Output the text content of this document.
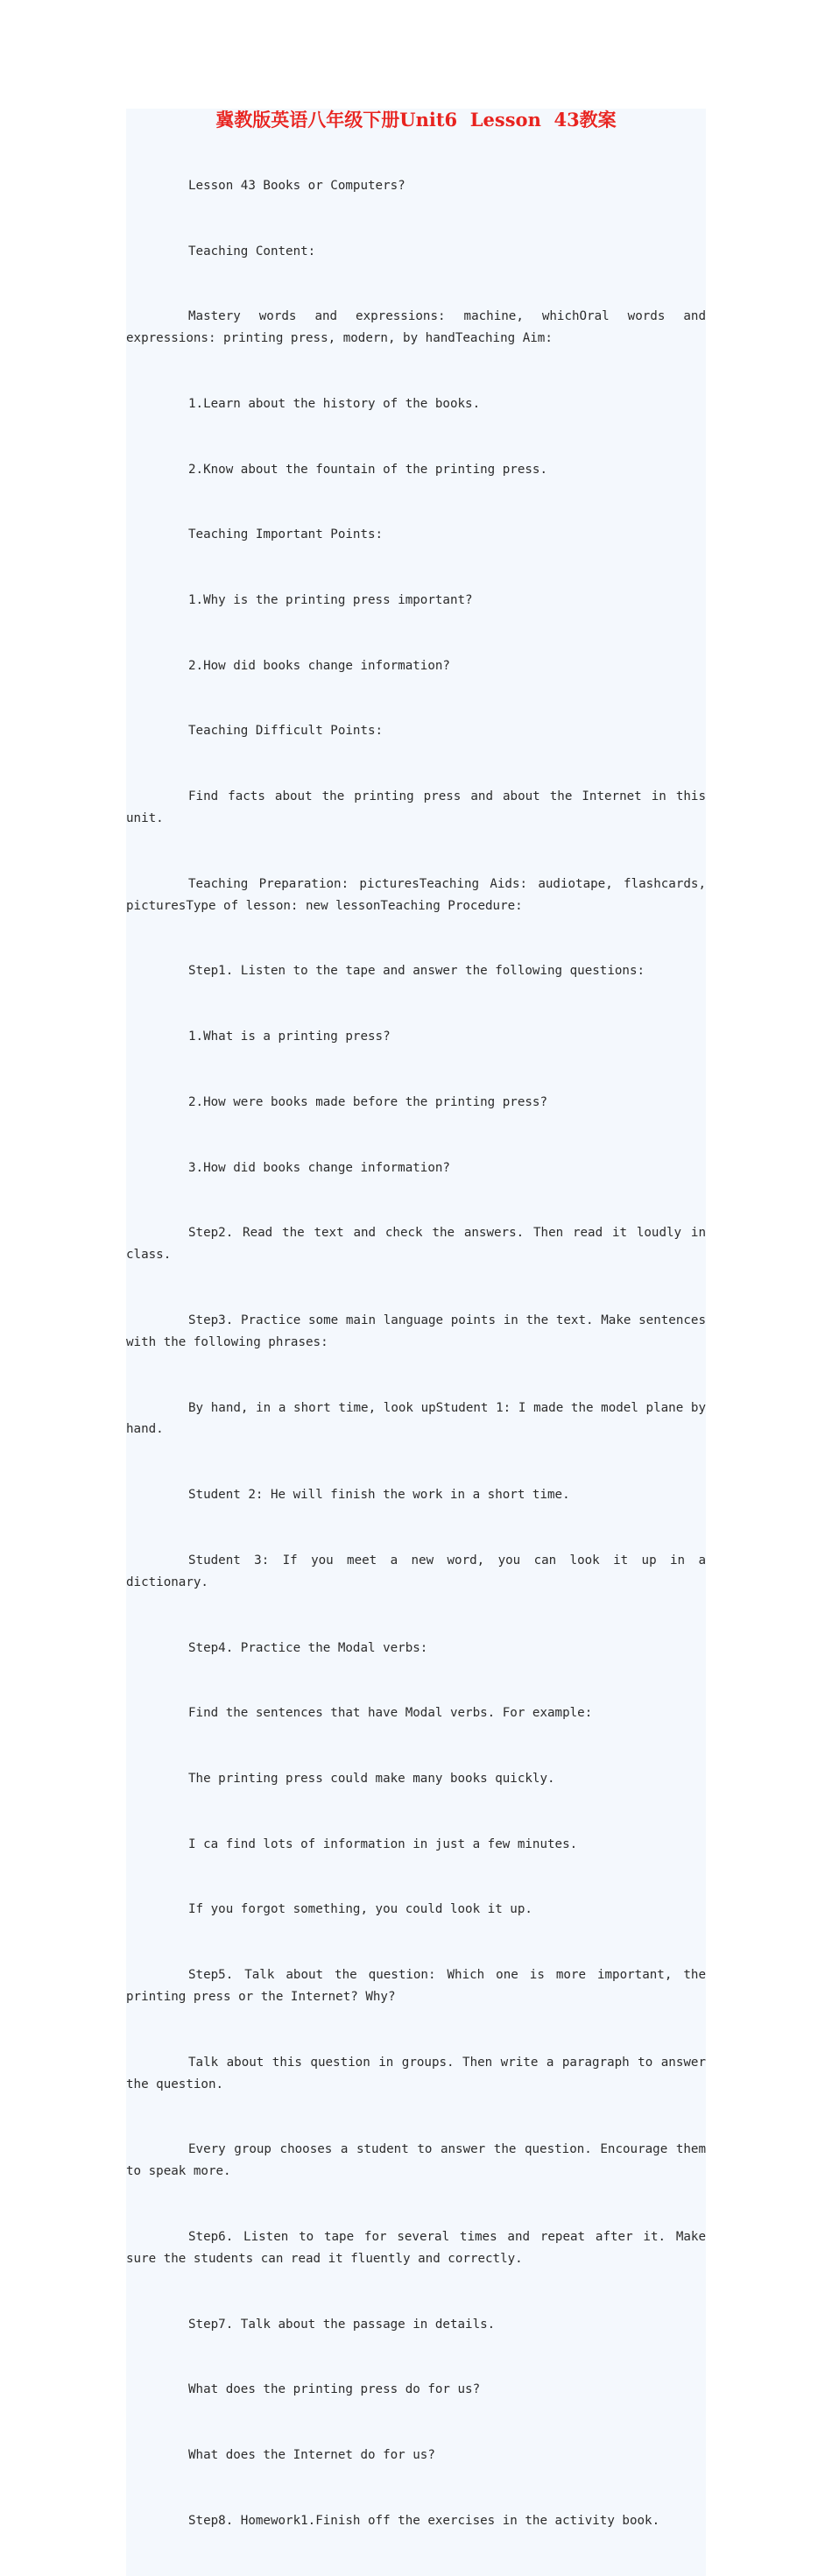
冀教版英语八年级下册Unit6  Lesson  43教案

Lesson 43 Books or Computers?

Teaching Content:

Mastery words and expressions: machine, whichOral words and expressions: printing press, modern, by handTeaching Aim:

1.Learn about the history of the books.

2.Know about the fountain of the printing press.

Teaching Important Points:

1.Why is the printing press important?

2.How did books change information?

Teaching Difficult Points:

Find facts about the printing press and about the Internet in this unit.

Teaching Preparation: picturesTeaching Aids: audiotape, flashcards, picturesType of lesson: new lessonTeaching Procedure:

Step1. Listen to the tape and answer the following questions:

1.What is a printing press?

2.How were books made before the printing press?

3.How did books change information?

Step2. Read the text and check the answers. Then read it loudly in class.

Step3. Practice some main language points in the text. Make sentences with the following phrases:

By hand, in a short time, look upStudent 1: I made the model plane by hand.

Student 2: He will finish the work in a short time.

Student 3: If you meet a new word, you can look it up in a dictionary.

Step4. Practice the Modal verbs:

Find the sentences that have Modal verbs. For example:

The printing press could make many books quickly.

I ca find lots of information in just a few minutes.

If you forgot something, you could look it up.

Step5. Talk about the question: Which one is more important, the printing press or the Internet? Why?

Talk about this question in groups. Then write a paragraph to answer the question.

Every group chooses a student to answer the question. Encourage them to speak more.

Step6. Listen to tape for several times and repeat after it. Make sure the students can read it fluently and correctly.

Step7. Talk about the passage in details.

What does the printing press do for us?

What does the Internet do for us?

Step8. Homework1.Finish off the exercises in the activity book.
